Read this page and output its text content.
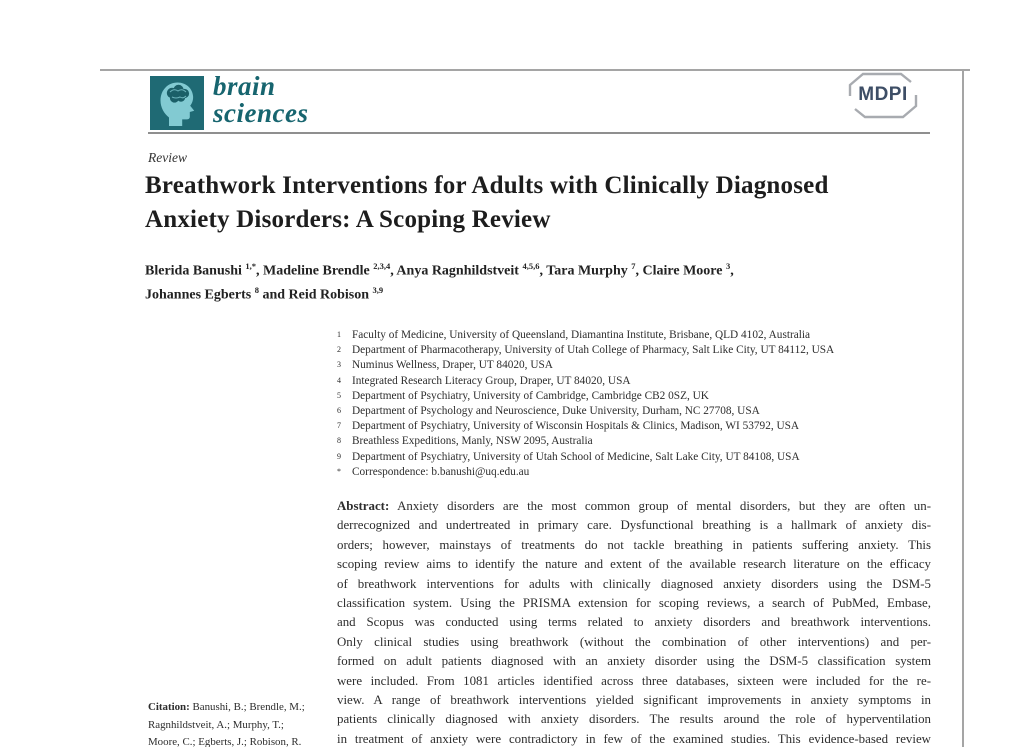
brain
sciences
MDPI
Review
Breathwork Interventions for Adults with Clinically Diagnosed
Anxiety Disorders: A Scoping Review
Blerida Banushi $^{1,*}$, Madeline Brendle $^{2,3,4}$, Anya Ragnhildstveit $^{4,5,6}$, Tara Murphy $^7$, Claire Moore $^3$,
Johannes Egberts $^8$ and Reid Robison $^{3,9}$
1 Faculty of Medicine, University of Queensland, Diamantina Institute, Brisbane, QLD 4102, Australia
2 Department of Pharmacotherapy, University of Utah College of Pharmacy, Salt Like City, UT 84112, USA
3 Numinus Wellness, Draper, UT 84020, USA
4 Integrated Research Literacy Group, Draper, UT 84020, USA
5 Department of Psychiatry, University of Cambridge, Cambridge CB2 0SZ, UK
6 Department of Psychology and Neuroscience, Duke University, Durham, NC 27708, USA
7 Department of Psychiatry, University of Wisconsin Hospitals & Clinics, Madison, WI 53792, USA
8 Breathless Expeditions, Manly, NSW 2095, Australia
9 Department of Psychiatry, University of Utah School of Medicine, Salt Lake City, UT 84108, USA
* Correspondence: b.banushi@uq.edu.au
Abstract: Anxiety disorders are the most common group of mental disorders, but they are often un-
derrecognized and undertreated in primary care. Dysfunctional breathing is a hallmark of anxiety dis-
orders; however, mainstays of treatments do not tackle breathing in patients suffering anxiety. This
scoping review aims to identify the nature and extent of the available research literature on the efficacy
of breathwork interventions for adults with clinically diagnosed anxiety disorders using the DSM-5
classification system. Using the PRISMA extension for scoping reviews, a search of PubMed, Embase,
and Scopus was conducted using terms related to anxiety disorders and breathwork interventions.
Only clinical studies using breathwork (without the combination of other interventions) and per-
formed on adult patients diagnosed with an anxiety disorder using the DSM-5 classification system
were included. From 1081 articles identified across three databases, sixteen were included for the re-
view. A range of breathwork interventions yielded significant improvements in anxiety symptoms in
patients clinically diagnosed with anxiety disorders. The results around the role of hyperventilation
in treatment of anxiety were contradictory in few of the examined studies. This evidence-based review
Citation: Banushi, B.; Brendle, M.;
Ragnhildstveit, A.; Murphy, T.;
Moore, C.; Egberts, J.; Robison, R.
